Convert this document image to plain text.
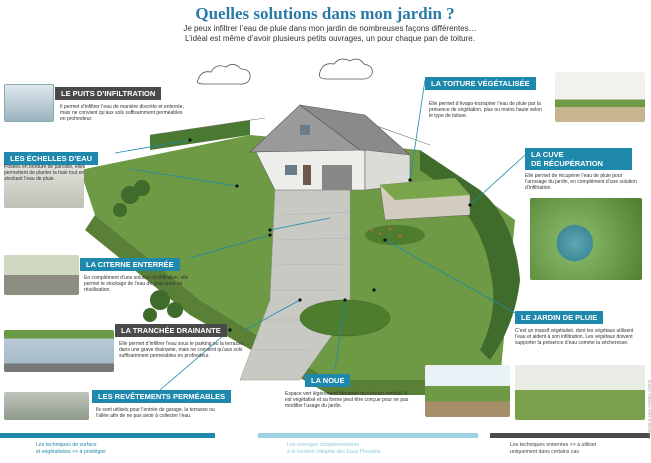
Quelles solutions dans mon jardin ?
Je peux infiltrer l’eau de pluie dans mon jardin de nombreuses façons différentes…
L’idéal est même d’avoir plusieurs petits ouvrages, un pour chaque pan de toiture.
LE PUITS D’INFILTRATION
Il permet d’infiltrer l’eau de manière discrète et enterrée, mais ne convient qu’aux sols suffisamment perméables en profondeur.
LES ÉCHELLES D’EAU
Posées en bordure de parcelle, elles permettent de planter la haie tout en stockant l’eau de pluie.
LA CITERNE ENTERRÉE
En complément d’une solution d’infiltration, elle permet le stockage de l’eau de pluie pour sa réutilisation.
LA TRANCHÉE DRAINANTE
Elle permet d’infiltrer l’eau sous le parking ou la terrasse, dans une grave drainante, mais ne convient qu’aux sols suffisamment perméables en profondeur.
LES REVÊTEMENTS PERMÉABLES
Ils sont utilisés pour l’entrée de garage, la terrasse ou l’allée afin de ne pas avoir à collecter l’eau.
LA NOUE
Espace vert légèrement décaissé ou créé en remblai. Il est végétalisé et sa forme peut être conçue pour ne pas modifier l’usage du jardin.
LA TOITURE VÉGÉTALISÉE
Elle permet d’évapo-transpirer l’eau de pluie par la présence de végétation, plus ou moins haute selon le type de toiture.
LA CUVE
DE RÉCUPÉRATION
Elle permet de récupérer l’eau de pluie pour l’arrosage du jardin, en complément d’une solution d’infiltration.
LE JARDIN DE PLUIE
C’est un massif végétalisé, dont les végétaux utilisent l’eau et aident à son infiltration. Les végétaux doivent supporter la présence d’eau comme la sécheresse.
Les techniques de surface
et végétalisées >> à privilégier
Les ouvrages complémentaires
à la Gestion Intégrée des Eaux Pluviales
Les techniques enterrées >> à utiliser
uniquement dans certains cas
© Adopta et eaux mondes contrat
